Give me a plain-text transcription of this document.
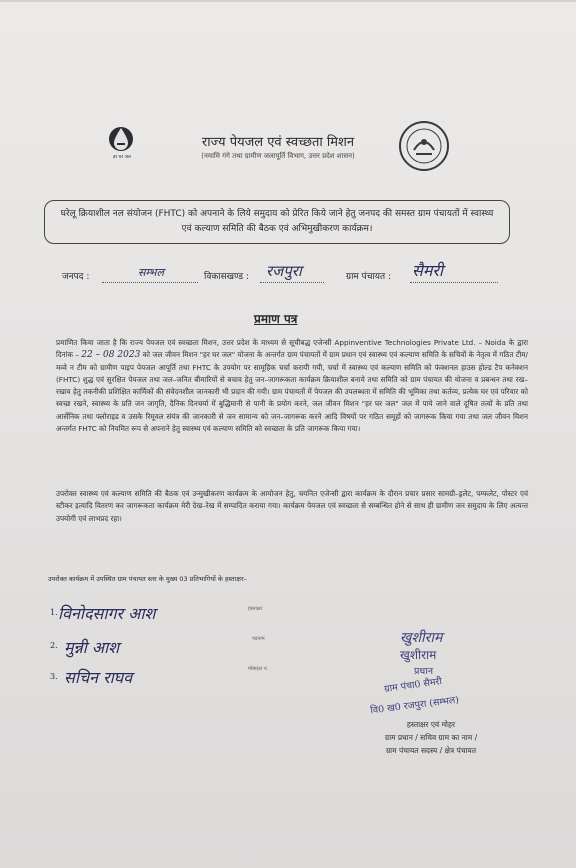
हर घर जल
राज्य पेयजल एवं स्वच्छता मिशन
(नमामि गंगे तथा ग्रामीण जलापूर्ति विभाग, उत्तर प्रदेश शासन)
घरेलू क्रियाशील नल संयोजन (FHTC) को अपनाने के लिये समुदाय को प्रेरित किये जाने हेतु जनपद की समस्त ग्राम पंचायतों में स्वास्थ्य एवं कल्याण समिति की बैठक एवं अभिमुखीकरण कार्यक्रम।
जनपद :	सम्भल	विकासखण्ड : रजपुरा	ग्राम पंचायत : सैमरी
प्रमाण पत्र
प्रमाणित किया जाता है कि राज्य पेयजल एवं स्वच्छता मिशन, उत्तर प्रदेश के माध्यम से सूचीबद्ध एजेन्सी Appinventive Technologies Private Ltd. – Noida के द्वारा दिनांक – 22 – 08 2023 को जल जीवन मिशन "हर घर जल" योजना के अन्तर्गत ग्राम पंचायतों में ग्राम प्रधान एवं स्वास्थ्य एवं कल्याण समिति के सचिवों के नेतृत्व में गठित टीम/मव्वे न टीम को ग्रामीण पाइप पेयजल आपूर्ति तथा FHTC के उपयोग पर सामूहिक चर्चा करायी गयी, चर्चा में स्वास्थ्य एवं कल्याण समिति को फंक्शनल हाउस होल्ड टैप कनेक्शन (FHTC) शुद्ध एवं सुरक्षित पेयजल तथा जल–जनित बीमारियों से बचाव हेतु जन–जागरूकता कार्यक्रम क्रियाशील बनाये तथा समिति को ग्राम पंचायत की योजना व प्रबन्धन तथा रख–रखाव हेतु तकनीकी प्रशिक्षित कार्मिकों की संवेदनशील जानकारी भी प्रदान की गयी। ग्राम पंचायतों में पेयजल की उपलब्धता में समिति की भूमिका तथा कर्तव्य, प्रत्येक घर एवं परिवार को स्वच्छ रखने, स्वास्थ्य के प्रति जन जागृति, दैनिक दिनचर्या में बुद्धिमानी से पानी के प्रयोग करने, जल जीवन मिशन "हर घर जल" जल में पाये जाने वाले दूषित तत्वों के प्रति तथा आर्सेनिक तथा फ्लोराइड व उसके रिमूवल संयंत्र की जानकारी से जन सामान्य को जन–जागरूक करने आदि विषयों पर गठित समूहों को जागरूक किया गया तथा जल जीवन मिशन अन्तर्गत FHTC को नियमित रूप से अपनाने हेतु स्वास्थ्य एवं कल्याण समिति को स्वच्छता के प्रति जागरूक किया गया।
उपरोक्त स्वास्थ्य एवं कल्याण समिति की बैठक एवं उन्मुखीकरण कार्यक्रम के आयोजन हेतु, चयनित एजेन्सी द्वारा कार्यक्रम के दौरान प्रचार प्रसार सामग्री–ड्रलेट, पम्फलेट, पोस्टर एवं स्टीकर इत्यादि वितरण कर जागरूकता कार्यक्रम मेरी देख–रेख में सम्पादित कराया गया। कार्यक्रम पेयजल एवं स्वच्छता से सम्बन्धित होने से साथ ही ग्रामीण जन समुदाय के लिए अत्यन्त उपयोगी एवं लाभप्रद रहा।
उपरोक्त कार्यक्रम में उपस्थित ग्राम पंचायत स्तर के मुख्य 03 प्रतिभागियों के हस्ताक्षर–
1. विनोदसागर आश	हस्ताक्षर
2. मुन्नी आश	पदनाम
3. सचिन राघव	मोबाइल न.
खुशीराम
खुशीराम
प्रधान
ग्राम पंचा0 सैमरी
वि0 ख0 रजपुरा (सम्भल)
हस्ताक्षर एवं मोहर
ग्राम प्रधान / सचिव ग्राम का नाम /
ग्राम पंचायत सदस्य / क्षेत्र पंचायत
